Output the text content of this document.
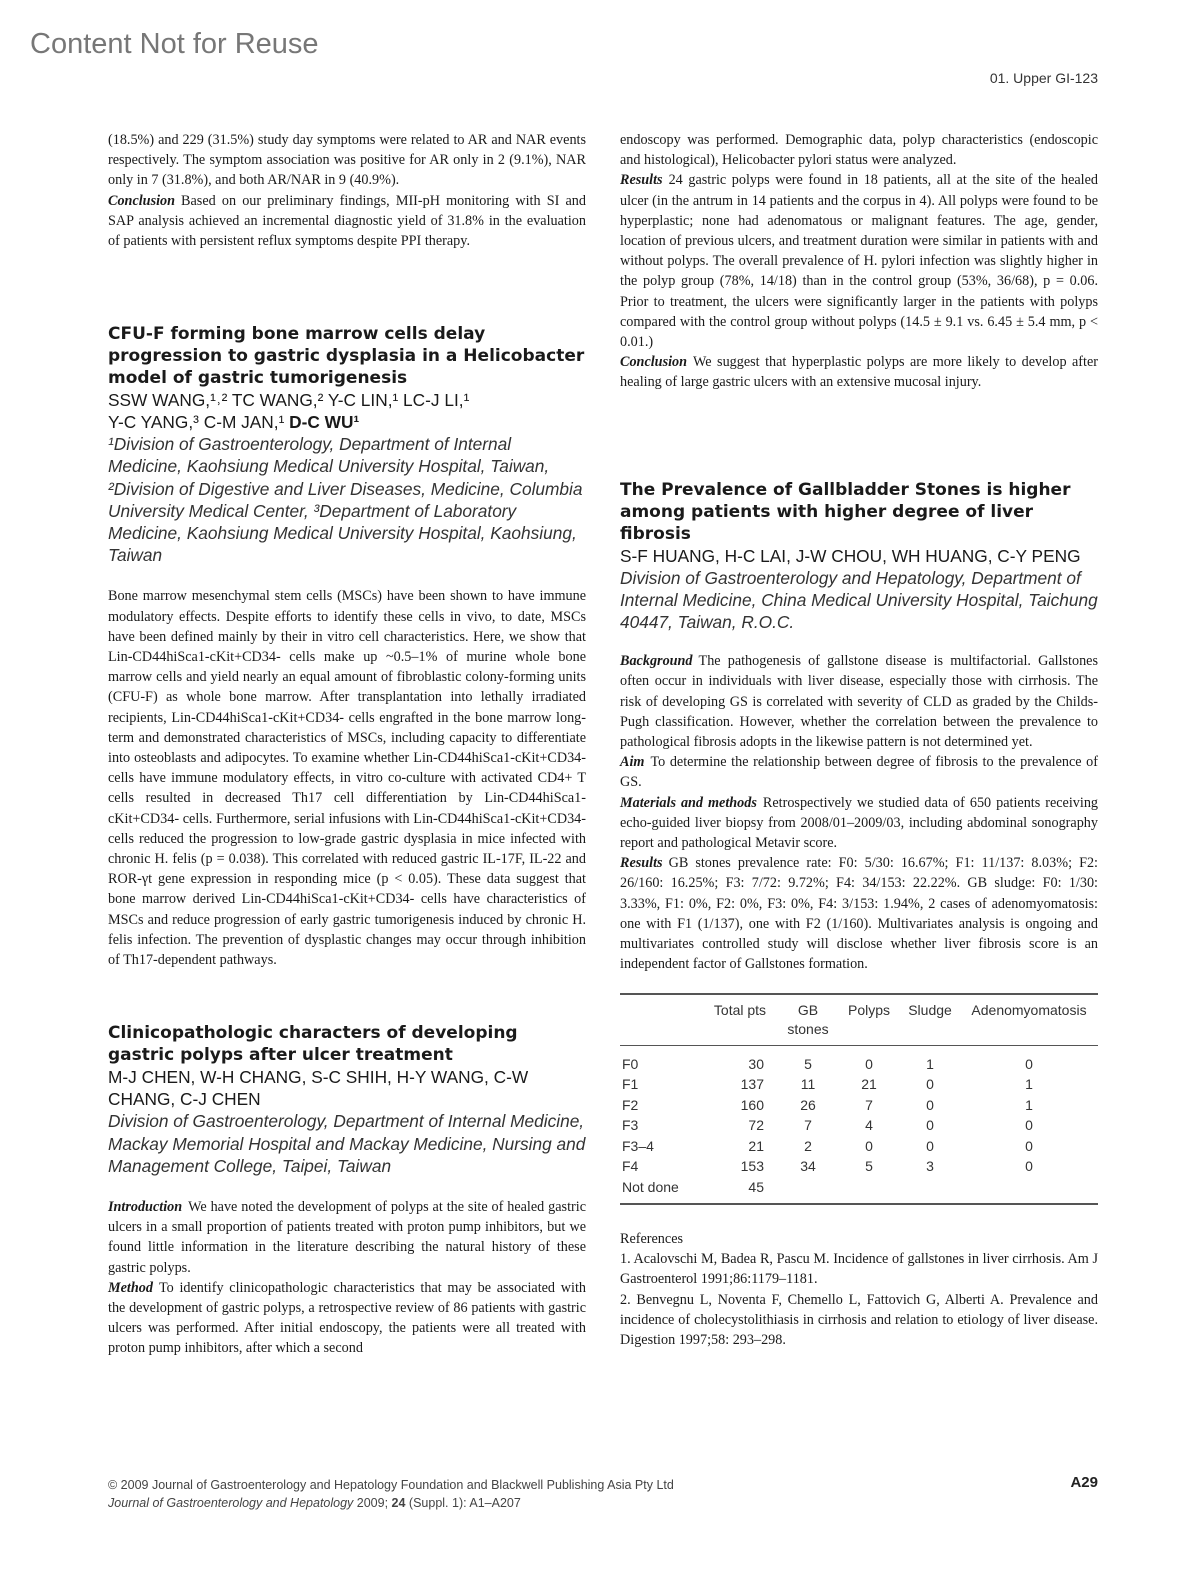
Content Not for Reuse
01. Upper GI-123

(18.5%) and 229 (31.5%) study day symptoms were related to AR and NAR events respectively. The symptom association was positive for AR only in 2 (9.1%), NAR only in 7 (31.8%), and both AR/NAR in 9 (40.9%).

Conclusion Based on our preliminary findings, MII-pH monitoring with SI and SAP analysis achieved an incremental diagnostic yield of 31.8% in the evaluation of patients with persistent reflux symptoms despite PPI therapy.

CFU-F forming bone marrow cells delay progression to gastric dysplasia in a Helicobacter model of gastric tumorigenesis

SSW WANG,¹˒² TC WANG,² Y-C LIN,¹ LC-J LI,¹
Y-C YANG,³ C-M JAN,¹ D-C WU¹

¹Division of Gastroenterology, Department of Internal Medicine, Kaohsiung Medical University Hospital, Taiwan, ²Division of Digestive and Liver Diseases, Medicine, Columbia University Medical Center, ³Department of Laboratory Medicine, Kaohsiung Medical University Hospital, Kaohsiung, Taiwan

Bone marrow mesenchymal stem cells (MSCs) have been shown to have immune modulatory effects. Despite efforts to identify these cells in vivo, to date, MSCs have been defined mainly by their in vitro cell characteristics. Here, we show that Lin-CD44hiSca1-cKit+CD34- cells make up ~0.5–1% of murine whole bone marrow cells and yield nearly an equal amount of fibroblastic colony-forming units (CFU-F) as whole bone marrow. After transplantation into lethally irradiated recipients, Lin-CD44hiSca1-cKit+CD34- cells engrafted in the bone marrow long-term and demonstrated characteristics of MSCs, including capacity to differentiate into osteoblasts and adipocytes. To examine whether Lin-CD44hiSca1-cKit+CD34- cells have immune modulatory effects, in vitro co-culture with activated CD4+ T cells resulted in decreased Th17 cell differentiation by Lin-CD44hiSca1-cKit+CD34- cells. Furthermore, serial infusions with Lin-CD44hiSca1-cKit+CD34- cells reduced the progression to low-grade gastric dysplasia in mice infected with chronic H. felis (p = 0.038). This correlated with reduced gastric IL-17F, IL-22 and ROR-γt gene expression in responding mice (p < 0.05). These data suggest that bone marrow derived Lin-CD44hiSca1-cKit+CD34- cells have characteristics of MSCs and reduce progression of early gastric tumorigenesis induced by chronic H. felis infection. The prevention of dysplastic changes may occur through inhibition of Th17-dependent pathways.

Clinicopathologic characters of developing gastric polyps after ulcer treatment

M-J CHEN, W-H CHANG, S-C SHIH, H-Y WANG, C-W CHANG, C-J CHEN

Division of Gastroenterology, Department of Internal Medicine, Mackay Memorial Hospital and Mackay Medicine, Nursing and Management College, Taipei, Taiwan

Introduction We have noted the development of polyps at the site of healed gastric ulcers in a small proportion of patients treated with proton pump inhibitors, but we found little information in the literature describing the natural history of these gastric polyps.

Method To identify clinicopathologic characteristics that may be associated with the development of gastric polyps, a retrospective review of 86 patients with gastric ulcers was performed. After initial endoscopy, the patients were all treated with proton pump inhibitors, after which a second

endoscopy was performed. Demographic data, polyp characteristics (endoscopic and histological), Helicobacter pylori status were analyzed.

Results 24 gastric polyps were found in 18 patients, all at the site of the healed ulcer (in the antrum in 14 patients and the corpus in 4). All polyps were found to be hyperplastic; none had adenomatous or malignant features. The age, gender, location of previous ulcers, and treatment duration were similar in patients with and without polyps. The overall prevalence of H. pylori infection was slightly higher in the polyp group (78%, 14/18) than in the control group (53%, 36/68), p = 0.06. Prior to treatment, the ulcers were significantly larger in the patients with polyps compared with the control group without polyps (14.5 ± 9.1 vs. 6.45 ± 5.4 mm, p < 0.01.)

Conclusion We suggest that hyperplastic polyps are more likely to develop after healing of large gastric ulcers with an extensive mucosal injury.

The Prevalence of Gallbladder Stones is higher among patients with higher degree of liver fibrosis

S-F HUANG, H-C LAI, J-W CHOU, WH HUANG, C-Y PENG

Division of Gastroenterology and Hepatology, Department of Internal Medicine, China Medical University Hospital, Taichung 40447, Taiwan, R.O.C.

Background The pathogenesis of gallstone disease is multifactorial. Gallstones often occur in individuals with liver disease, especially those with cirrhosis. The risk of developing GS is correlated with severity of CLD as graded by the Childs-Pugh classification. However, whether the correlation between the prevalence to pathological fibrosis adopts in the likewise pattern is not determined yet.

Aim To determine the relationship between degree of fibrosis to the prevalence of GS.

Materials and methods Retrospectively we studied data of 650 patients receiving echo-guided liver biopsy from 2008/01–2009/03, including abdominal sonography report and pathological Metavir score.

Results GB stones prevalence rate: F0: 5/30: 16.67%; F1: 11/137: 8.03%; F2: 26/160: 16.25%; F3: 7/72: 9.72%; F4: 34/153: 22.22%. GB sludge: F0: 1/30: 3.33%, F1: 0%, F2: 0%, F3: 0%, F4: 3/153: 1.94%, 2 cases of adenomyomatosis: one with F1 (1/137), one with F2 (1/160). Multivariates analysis is ongoing and multivariates controlled study will disclose whether liver fibrosis score is an independent factor of Gallstones formation.

	Total pts	GB stones	Polyps	Sludge	Adenomyomatosis
F0	30	5	0	1	0
F1	137	11	21	0	1
F2	160	26	7	0	1
F3	72	7	4	0	0
F3–4	21	2	0	0	0
F4	153	34	5	3	0
Not done	45				
References

1. Acalovschi M, Badea R, Pascu M. Incidence of gallstones in liver cirrhosis. Am J Gastroenterol 1991;86:1179–1181.

2. Benvegnu L, Noventa F, Chemello L, Fattovich G, Alberti A. Prevalence and incidence of cholecystolithiasis in cirrhosis and relation to etiology of liver disease. Digestion 1997;58: 293–298.

© 2009 Journal of Gastroenterology and Hepatology Foundation and Blackwell Publishing Asia Pty Ltd
Journal of Gastroenterology and Hepatology 2009; 24 (Suppl. 1): A1–A207
A29
